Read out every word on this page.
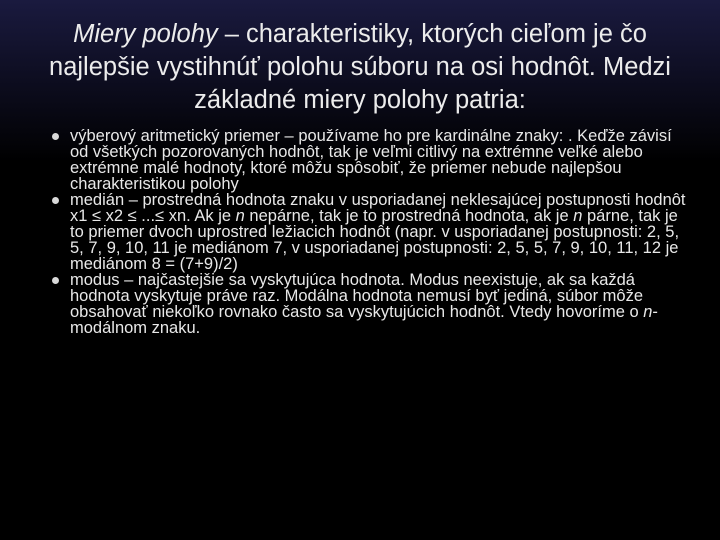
Miery polohy – charakteristiky, ktorých cieľom je čo najlepšie vystihnúť polohu súboru na osi hodnôt. Medzi základné miery polohy patria:
výberový aritmetický priemer – používame ho pre kardinálne znaky: . Keďže závisí od všetkých pozorovaných hodnôt, tak je veľmi citlivý na extrémne veľké alebo extrémne malé hodnoty, ktoré môžu spôsobiť, že priemer nebude najlepšou charakteristikou polohy
medián – prostredná hodnota znaku v usporiadanej neklesajúcej postupnosti hodnôt x1 ≤ x2 ≤ ...≤ xn. Ak je n nepárne, tak je to prostredná hodnota, ak je n párne, tak je to priemer dvoch uprostred ležiacich hodnôt (napr. v usporiadanej postupnosti: 2, 5, 5, 7, 9, 10, 11 je mediánom 7, v usporiadanej postupnosti: 2, 5, 5, 7, 9, 10, 11, 12 je mediánom 8 = (7+9)/2)
modus – najčastejšie sa vyskytujúca hodnota. Modus neexistuje, ak sa každá hodnota vyskytuje práve raz. Modálna hodnota nemusí byť jediná, súbor môže obsahovať niekoľko rovnako často sa vyskytujúcich hodnôt. Vtedy hovoríme o n-modálnom znaku.
